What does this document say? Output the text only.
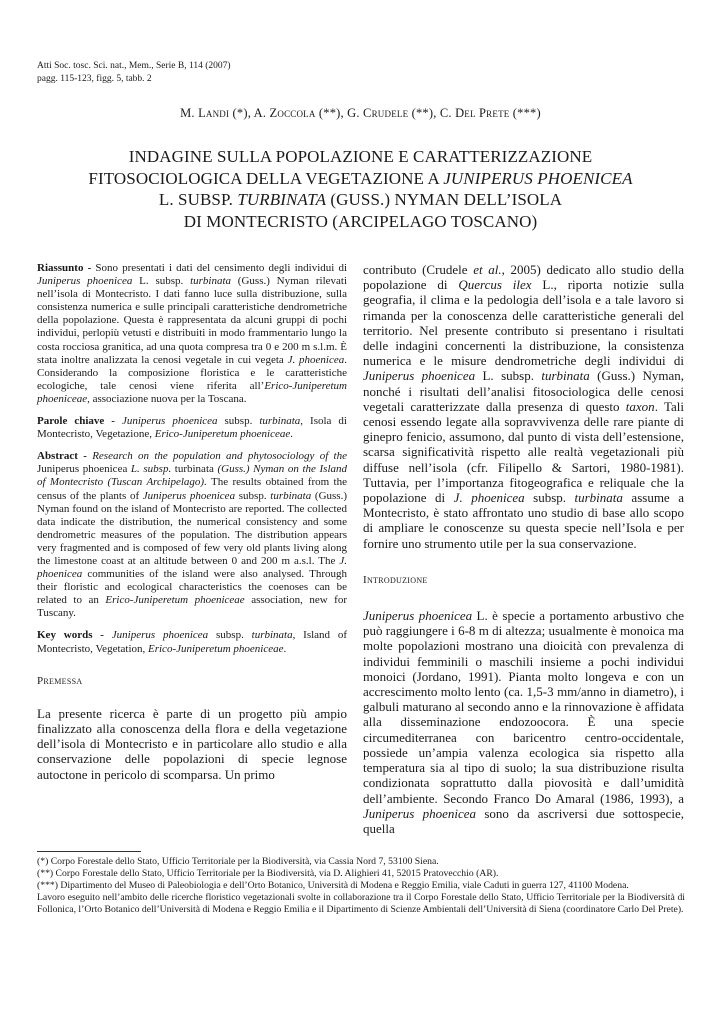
Atti Soc. tosc. Sci. nat., Mem., Serie B, 114 (2007)
pagg. 115-123, figg. 5, tabb. 2
M. Landi (*), A. Zoccola (**), G. Crudele (**), C. Del Prete (***)
INDAGINE SULLA POPOLAZIONE E CARATTERIZZAZIONE
FITOSOCIOLOGICA DELLA VEGETAZIONE A JUNIPERUS PHOENICEA
L. SUBSP. TURBINATA (GUSS.) NYMAN DELL’ISOLA
DI MONTECRISTO (ARCIPELAGO TOSCANO)

Riassunto - Sono presentati i dati del censimento degli individui di Juniperus phoenicea L. subsp. turbinata (Guss.) Nyman rilevati nell’isola di Montecristo. I dati fanno luce sulla distribuzione, sulla consistenza numerica e sulle principali caratteristiche dendrometriche della popolazione. Questa è rappresentata da alcuni gruppi di pochi individui, perlopiù vetusti e distribuiti in modo frammentario lungo la costa rocciosa granitica, ad una quota compresa tra 0 e 200 m s.l.m. È stata inoltre analizzata la cenosi vegetale in cui vegeta J. phoenicea. Considerando la composizione floristica e le caratteristiche ecologiche, tale cenosi viene riferita all’Erico-Juniperetum phoeniceae, associazione nuova per la Toscana.

Parole chiave - Juniperus phoenicea subsp. turbinata, Isola di Montecristo, Vegetazione, Erico-Juniperetum phoeniceae.

Abstract - Research on the population and phytosociology of the Juniperus phoenicea L. subsp. turbinata (Guss.) Nyman on the Island of Montecristo (Tuscan Archipelago). The results obtained from the census of the plants of Juniperus phoenicea subsp. turbinata (Guss.) Nyman found on the island of Montecristo are reported. The collected data indicate the distribution, the numerical consistency and some dendrometric measures of the population. The distribution appears very fragmented and is composed of few very old plants living along the limestone coast at an altitude between 0 and 200 m a.s.l. The J. phoenicea communities of the island were also analysed. Through their floristic and ecological characteristics the coenoses can be related to an Erico-Juniperetum phoeniceae association, new for Tuscany.

Key words - Juniperus phoenicea subsp. turbinata, Island of Montecristo, Vegetation, Erico-Juniperetum phoeniceae.

Premessa

La presente ricerca è parte di un progetto più ampio finalizzato alla conoscenza della flora e della vegetazione dell’isola di Montecristo e in particolare allo studio e alla conservazione delle popolazioni di specie legnose autoctone in pericolo di scomparsa. Un primo

contributo (Crudele et al., 2005) dedicato allo studio della popolazione di Quercus ilex L., riporta notizie sulla geografia, il clima e la pedologia dell’isola e a tale lavoro si rimanda per la conoscenza delle caratteristiche generali del territorio. Nel presente contributo si presentano i risultati delle indagini concernenti la distribuzione, la consistenza numerica e le misure dendrometriche degli individui di Juniperus phoenicea L. subsp. turbinata (Guss.) Nyman, nonché i risultati dell’analisi fitosociologica delle cenosi vegetali caratterizzate dalla presenza di questo taxon. Tali cenosi essendo legate alla sopravvivenza delle rare piante di ginepro fenicio, assumono, dal punto di vista dell’estensione, scarsa significatività rispetto alle realtà vegetazionali più diffuse nell’isola (cfr. Filipello & Sartori, 1980-1981). Tuttavia, per l’importanza fitogeografica e reliquale che la popolazione di J. phoenicea subsp. turbinata assume a Montecristo, è stato affrontato uno studio di base allo scopo di ampliare le conoscenze su questa specie nell’Isola e per fornire uno strumento utile per la sua conservazione.

Introduzione

Juniperus phoenicea L. è specie a portamento arbustivo che può raggiungere i 6-8 m di altezza; usualmente è monoica ma molte popolazioni mostrano una dioicità con prevalenza di individui femminili o maschili insieme a pochi individui monoici (Jordano, 1991). Pianta molto longeva e con un accrescimento molto lento (ca. 1,5-3 mm/anno in diametro), i galbuli maturano al secondo anno e la rinnovazione è affidata alla disseminazione endozoocora. È una specie circumediterranea con baricentro centro-occidentale, possiede un’ampia valenza ecologica sia rispetto alla temperatura sia al tipo di suolo; la sua distribuzione risulta condizionata soprattutto dalla piovosità e dall’umidità dell’ambiente. Secondo Franco Do Amaral (1986, 1993), a Juniperus phoenicea sono da ascriversi due sottospecie, quella

(*) Corpo Forestale dello Stato, Ufficio Territoriale per la Biodiversità, via Cassia Nord 7, 53100 Siena.
(**) Corpo Forestale dello Stato, Ufficio Territoriale per la Biodiversità, via D. Alighieri 41, 52015 Pratovecchio (AR).
(***) Dipartimento del Museo di Paleobiologia e dell’Orto Botanico, Università di Modena e Reggio Emilia, viale Caduti in guerra 127, 41100 Modena.
Lavoro eseguito nell’ambito delle ricerche floristico vegetazionali svolte in collaborazione tra il Corpo Forestale dello Stato, Ufficio Territoriale per la Biodiversità di Follonica, l’Orto Botanico dell’Università di Modena e Reggio Emilia e il Dipartimento di Scienze Ambientali dell’Università di Siena (coordinatore Carlo Del Prete).
